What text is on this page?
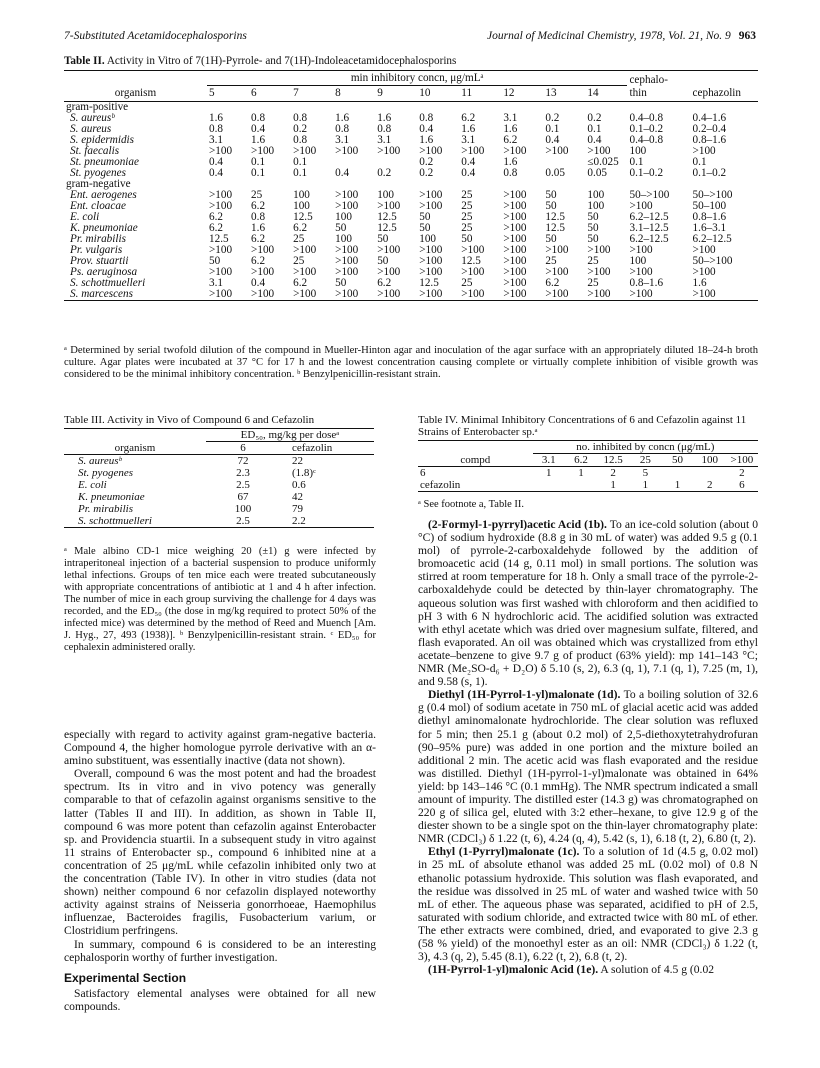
7-Substituted Acetamidocephalosporins	Journal of Medicinal Chemistry, 1978, Vol. 21, No. 9 963
Table II. Activity in Vitro of 7(1H)-Pyrrole- and 7(1H)-Indoleacetamidocephalosporins

	min inhibitory concn, μg/mLᵃ										cephalo-	
organism	5	6	7	8	9	10	11	12	13	14	thin	cephazolin

gram-positive												
S. aureusᵇ	1.6	0.8	0.8	1.6	1.6	0.8	6.2	3.1	0.2	0.2	0.4–0.8	0.4–1.6
S. aureus	0.8	0.4	0.2	0.8	0.8	0.4	1.6	1.6	0.1	0.1	0.1–0.2	0.2–0.4
S. epidermidis	3.1	1.6	0.8	3.1	3.1	1.6	3.1	6.2	0.4	0.4	0.4–0.8	0.8–1.6
St. faecalis	>100	>100	>100	>100	>100	>100	>100	>100	>100	>100	100	>100
St. pneumoniae	0.4	0.1	0.1			0.2	0.4	1.6		≤0.025	0.1	0.1
St. pyogenes	0.4	0.1	0.1	0.4	0.2	0.2	0.4	0.8	0.05	0.05	0.1–0.2	0.1–0.2
gram-negative												
Ent. aerogenes	>100	25	100	>100	100	>100	25	>100	50	100	50–>100	50–>100
Ent. cloacae	>100	6.2	100	>100	>100	>100	25	>100	50	100	>100	50–100
E. coli	6.2	0.8	12.5	100	12.5	50	25	>100	12.5	50	6.2–12.5	0.8–1.6
K. pneumoniae	6.2	1.6	6.2	50	12.5	50	25	>100	12.5	50	3.1–12.5	1.6–3.1
Pr. mirabilis	12.5	6.2	25	100	50	100	50	>100	50	50	6.2–12.5	6.2–12.5
Pr. vulgaris	>100	>100	>100	>100	>100	>100	>100	>100	>100	>100	>100	>100
Prov. stuartii	50	6.2	25	>100	50	>100	12.5	>100	25	25	100	50–>100
Ps. aeruginosa	>100	>100	>100	>100	>100	>100	>100	>100	>100	>100	>100	>100
S. schottmuelleri	3.1	0.4	6.2	50	6.2	12.5	25	>100	6.2	25	0.8–1.6	1.6
S. marcescens	>100	>100	>100	>100	>100	>100	>100	>100	>100	>100	>100	>100

ᵃ Determined by serial twofold dilution of the compound in Mueller-Hinton agar and inoculation of the agar surface with an appropriately diluted 18–24-h broth culture. Agar plates were incubated at 37 °C for 17 h and the lowest concentration causing complete or virtually complete inhibition of visible growth was considered to be the minimal inhibitory concentration. ᵇ Benzylpenicillin-resistant strain.
Table III. Activity in Vivo of Compound 6 and Cefazolin

	ED₅₀, mg/kg per doseᵃ	
organism	6	cefazolin

S. aureusᵇ	72	22
St. pyogenes	2.3	(1.8)ᶜ
E. coli	2.5	0.6
K. pneumoniae	67	42
Pr. mirabilis	100	79
S. schottmuelleri	2.5	2.2

ᵃ Male albino CD-1 mice weighing 20 (±1) g were infected by intraperitoneal injection of a bacterial suspension to produce uniformly lethal infections. Groups of ten mice each were treated subcutaneously with appropriate concentrations of antibiotic at 1 and 4 h after infection. The number of mice in each group surviving the challenge for 4 days was recorded, and the ED₅₀ (the dose in mg/kg required to protect 50% of the infected mice) was determined by the method of Reed and Muench [Am. J. Hyg., 27, 493 (1938)]. ᵇ Benzylpenicillin-resistant strain. ᶜ ED₅₀ for cephalexin administered orally.
Table IV. Minimal Inhibitory Concentrations of 6 and Cefazolin against 11 Strains of Enterobacter sp.ᵃ

	no. inhibited by concn (μg/mL)						
compd	3.1	6.2	12.5	25	50	100	>100

6	1	1	2	5			2
cefazolin			1	1	1	2	6

ᵃ See footnote a, Table II.

especially with regard to activity against gram-negative bacteria. Compound 4, the higher homologue pyrrole derivative with an α-amino substituent, was essentially inactive (data not shown).

Overall, compound 6 was the most potent and had the broadest spectrum. Its in vitro and in vivo potency was generally comparable to that of cefazolin against organisms sensitive to the latter (Tables II and III). In addition, as shown in Table II, compound 6 was more potent than cefazolin against Enterobacter sp. and Providencia stuartii. In a subsequent study in vitro against 11 strains of Enterobacter sp., compound 6 inhibited nine at a concentration of 25 μg/mL while cefazolin inhibited only two at the concentration (Table IV). In other in vitro studies (data not shown) neither compound 6 nor cefazolin displayed noteworthy activity against strains of Neisseria gonorrhoeae, Haemophilus influenzae, Bacteroides fragilis, Fusobacterium varium, or Clostridium perfringens.

In summary, compound 6 is considered to be an interesting cephalosporin worthy of further investigation.

Experimental Section

Satisfactory elemental analyses were obtained for all new compounds.

(2-Formyl-1-pyrryl)acetic Acid (1b). To an ice-cold solution (about 0 °C) of sodium hydroxide (8.8 g in 30 mL of water) was added 9.5 g (0.1 mol) of pyrrole-2-carboxaldehyde followed by the addition of bromoacetic acid (14 g, 0.11 mol) in small portions. The solution was stirred at room temperature for 18 h. Only a small trace of the pyrrole-2-carboxaldehyde could be detected by thin-layer chromatography. The aqueous solution was first washed with chloroform and then acidified to pH 3 with 6 N hydrochloric acid. The acidified solution was extracted with ethyl acetate which was dried over magnesium sulfate, filtered, and flash evaporated. An oil was obtained which was crystallized from ethyl acetate–benzene to give 9.7 g of product (63% yield): mp 141–143 °C; NMR (Me₂SO-d₆ + D₂O) δ 5.10 (s, 2), 6.3 (q, 1), 7.1 (q, 1), 7.25 (m, 1), and 9.58 (s, 1).

Diethyl (1H-Pyrrol-1-yl)malonate (1d). To a boiling solution of 32.6 g (0.4 mol) of sodium acetate in 750 mL of glacial acetic acid was added diethyl aminomalonate hydrochloride. The clear solution was refluxed for 5 min; then 25.1 g (about 0.2 mol) of 2,5-diethoxytetrahydrofuran (90–95% pure) was added in one portion and the mixture boiled an additional 2 min. The acetic acid was flash evaporated and the residue was distilled. Diethyl (1H-pyrrol-1-yl)malonate was obtained in 64% yield: bp 143–146 °C (0.1 mmHg). The NMR spectrum indicated a small amount of impurity. The distilled ester (14.3 g) was chromatographed on 220 g of silica gel, eluted with 3:2 ether–hexane, to give 12.9 g of the diester shown to be a single spot on the thin-layer chromatography plate: NMR (CDCl₃) δ 1.22 (t, 6), 4.24 (q, 4), 5.42 (s, 1), 6.18 (t, 2), 6.80 (t, 2).

Ethyl (1-Pyrryl)malonate (1c). To a solution of 1d (4.5 g, 0.02 mol) in 25 mL of absolute ethanol was added 25 mL (0.02 mol) of 0.8 N ethanolic potassium hydroxide. This solution was flash evaporated, and the residue was dissolved in 25 mL of water and washed twice with 50 mL of ether. The aqueous phase was separated, acidified to pH of 2.5, saturated with sodium chloride, and extracted twice with 80 mL of ether. The ether extracts were combined, dried, and evaporated to give 2.3 g (58 % yield) of the monoethyl ester as an oil: NMR (CDCl₃) δ 1.22 (t, 3), 4.3 (q, 2), 5.45 (8.1), 6.22 (t, 2), 6.8 (t, 2).

(1H-Pyrrol-1-yl)malonic Acid (1e). A solution of 4.5 g (0.02
